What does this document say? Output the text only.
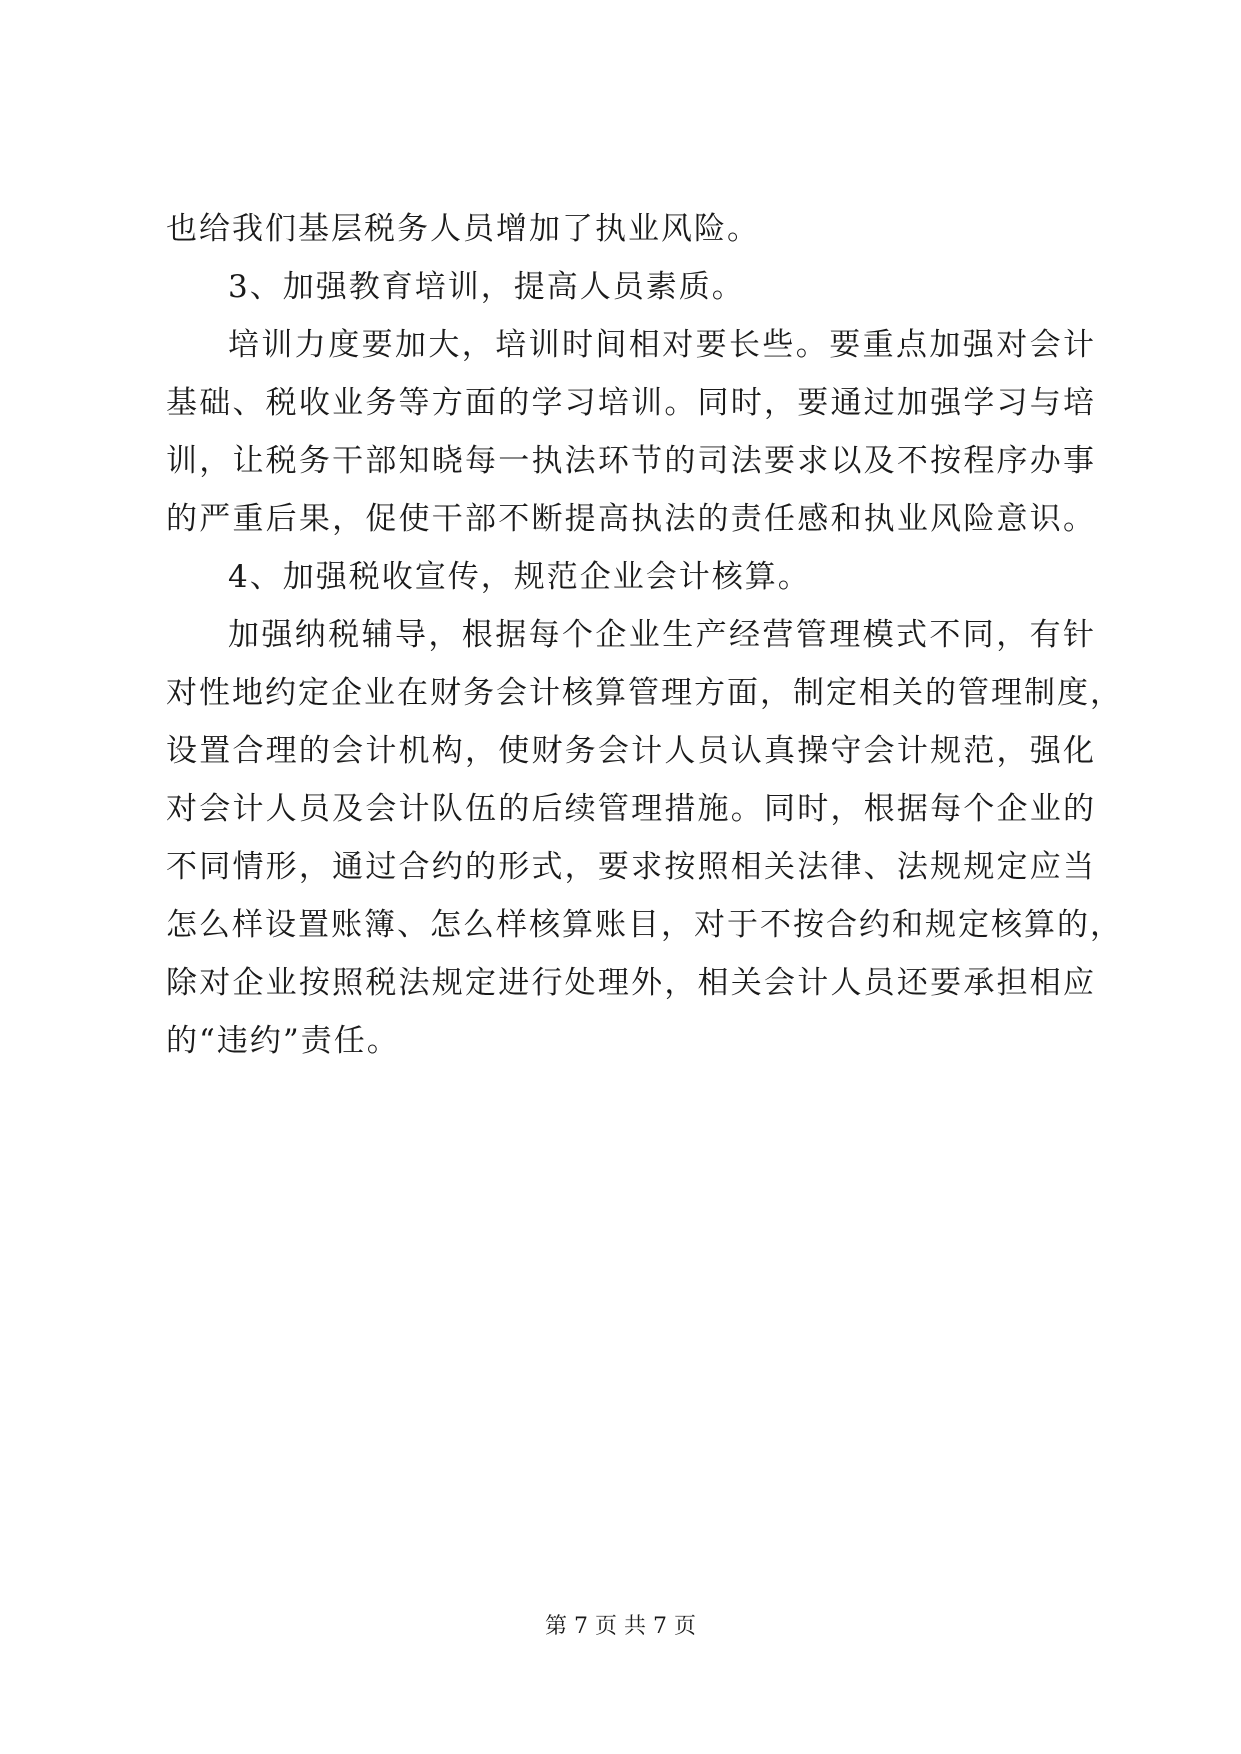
也给我们基层税务人员增加了执业风险。
3、加强教育培训，提高人员素质。
培训力度要加大，培训时间相对要长些。要重点加强对会计
基础、税收业务等方面的学习培训。同时，要通过加强学习与培
训，让税务干部知晓每一执法环节的司法要求以及不按程序办事
的严重后果，促使干部不断提高执法的责任感和执业风险意识。
4、加强税收宣传，规范企业会计核算。
加强纳税辅导，根据每个企业生产经营管理模式不同，有针
对性地约定企业在财务会计核算管理方面，制定相关的管理制度，
设置合理的会计机构，使财务会计人员认真操守会计规范，强化
对会计人员及会计队伍的后续管理措施。同时，根据每个企业的
不同情形，通过合约的形式，要求按照相关法律、法规规定应当
怎么样设置账簿、怎么样核算账目，对于不按合约和规定核算的，
除对企业按照税法规定进行处理外，相关会计人员还要承担相应
的“违约”责任。
第 7 页 共 7 页
